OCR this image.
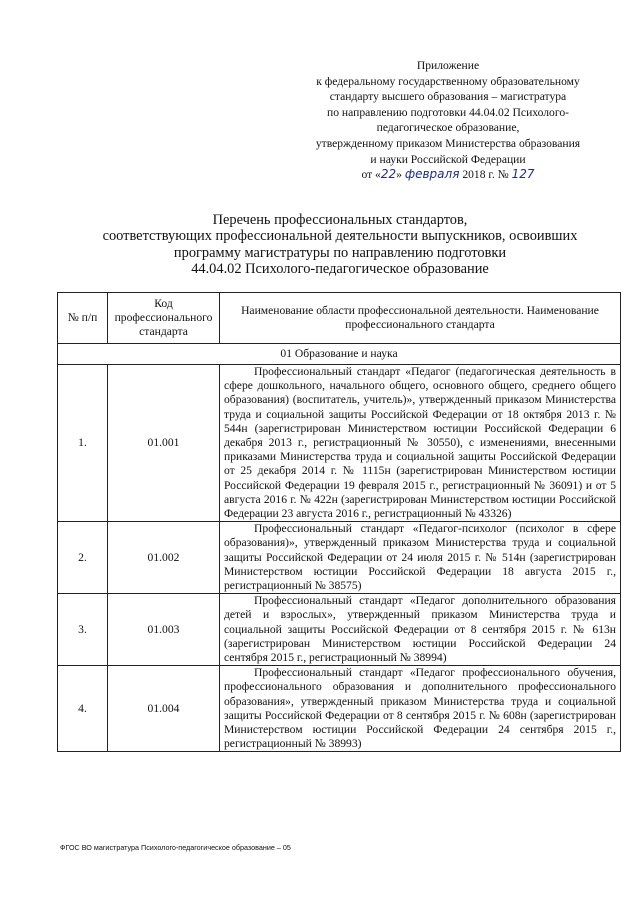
Приложение
к федеральному государственному образовательному
стандарту высшего образования – магистратура
по направлению подготовки 44.04.02 Психолого-
педагогическое образование,
утвержденному приказом Министерства образования
и науки Российской Федерации
от «22» февраля 2018 г. № 127
Перечень профессиональных стандартов,
соответствующих профессиональной деятельности выпускников, освоивших
программу магистратуры по направлению подготовки
44.04.02 Психолого-педагогическое образование
№ п/п	Код профессионального стандарта	Наименование области профессиональной деятельности. Наименование профессионального стандарта
01 Образование и наука		
1.	01.001	Профессиональный стандарт «Педагог (педагогическая деятельность в сфере дошкольного, начального общего, основного общего, среднего общего образования) (воспитатель, учитель)», утвержденный приказом Министерства труда и социальной защиты Российской Федерации от 18 октября 2013 г. № 544н (зарегистрирован Министерством юстиции Российской Федерации 6 декабря 2013 г., регистрационный № 30550), с изменениями, внесенными приказами Министерства труда и социальной защиты Российской Федерации от 25 декабря 2014 г. № 1115н (зарегистрирован Министерством юстиции Российской Федерации 19 февраля 2015 г., регистрационный № 36091) и от 5 августа 2016 г. № 422н (зарегистрирован Министерством юстиции Российской Федерации 23 августа 2016 г., регистрационный № 43326)
2.	01.002	Профессиональный стандарт «Педагог-психолог (психолог в сфере образования)», утвержденный приказом Министерства труда и социальной защиты Российской Федерации от 24 июля 2015 г. № 514н (зарегистрирован Министерством юстиции Российской Федерации 18 августа 2015 г., регистрационный № 38575)
3.	01.003	Профессиональный стандарт «Педагог дополнительного образования детей и взрослых», утвержденный приказом Министерства труда и социальной защиты Российской Федерации от 8 сентября 2015 г. № 613н (зарегистрирован Министерством юстиции Российской Федерации 24 сентября 2015 г., регистрационный № 38994)
4.	01.004	Профессиональный стандарт «Педагог профессионального обучения, профессионального образования и дополнительного профессионального образования», утвержденный приказом Министерства труда и социальной защиты Российской Федерации от 8 сентября 2015 г. № 608н (зарегистрирован Министерством юстиции Российской Федерации 24 сентября 2015 г., регистрационный № 38993)
ФГОС ВО магистратура Психолого-педагогическое образование – 05
